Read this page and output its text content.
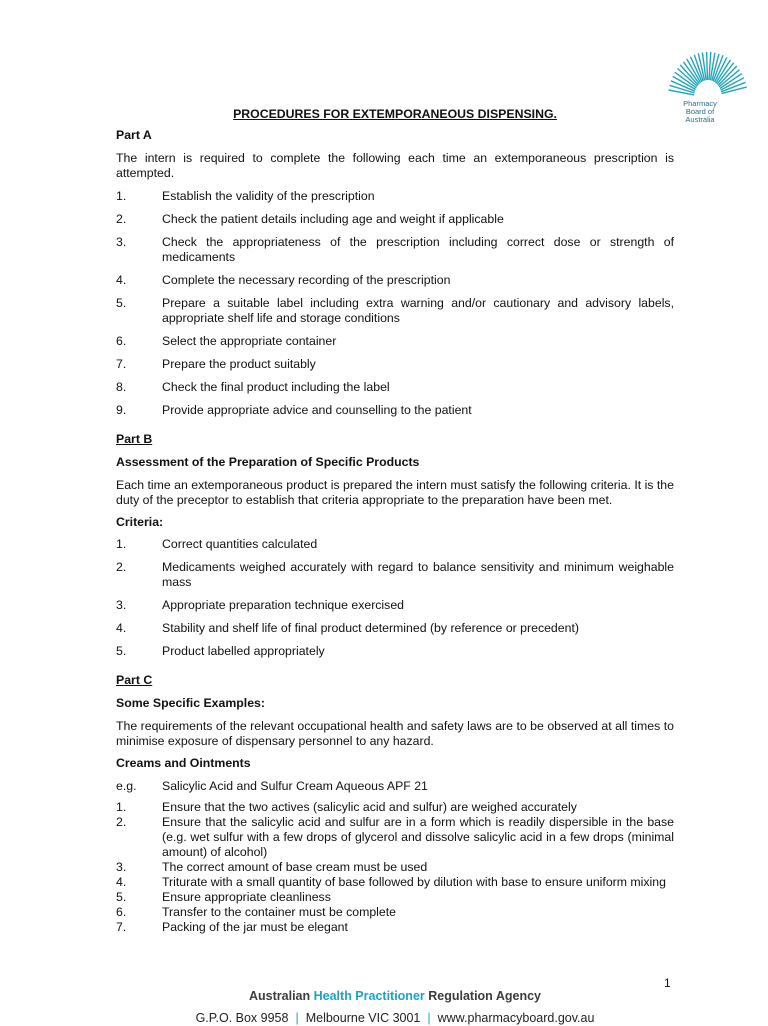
Pharmacy
Board of
Australia
PROCEDURES FOR EXTEMPORANEOUS DISPENSING.
Part A

The intern is required to complete the following each time an extemporaneous prescription is attempted.

1.	Establish the validity of the prescription
2.	Check the patient details including age and weight if applicable
3.	Check the appropriateness of the prescription including correct dose or strength of medicaments
4.	Complete the necessary recording of the prescription
5.	Prepare a suitable label including extra warning and/or cautionary and advisory labels, appropriate shelf life and storage conditions
6.	Select the appropriate container
7.	Prepare the product suitably
8.	Check the final product including the label
9.	Provide appropriate advice and counselling to the patient
Part B
Assessment of the Preparation of Specific Products

Each time an extemporaneous product is prepared the intern must satisfy the following criteria. It is the duty of the preceptor to establish that criteria appropriate to the preparation have been met.

Criteria:
1.	Correct quantities calculated
2.	Medicaments weighed accurately with regard to balance sensitivity and minimum weighable mass
3.	Appropriate preparation technique exercised
4.	Stability and shelf life of final product determined (by reference or precedent)
5.	Product labelled appropriately
Part C
Some Specific Examples:

The requirements of the relevant occupational health and safety laws are to be observed at all times to minimise exposure of dispensary personnel to any hazard.

Creams and Ointments
e.g.	Salicylic Acid and Sulfur Cream Aqueous APF 21
1.	Ensure that the two actives (salicylic acid and sulfur) are weighed accurately
2.	Ensure that the salicylic acid and sulfur are in a form which is readily dispersible in the base (e.g. wet sulfur with a few drops of glycerol and dissolve salicylic acid in a few drops (minimal amount) of alcohol)
3.	The correct amount of base cream must be used
4.	Triturate with a small quantity of base followed by dilution with base to ensure uniform mixing
5.	Ensure appropriate cleanliness
6.	Transfer to the container must be complete
7.	Packing of the jar must be elegant
1
Australian Health Practitioner Regulation Agency
G.P.O. Box 9958 | Melbourne VIC 3001 | www.pharmacyboard.gov.au
